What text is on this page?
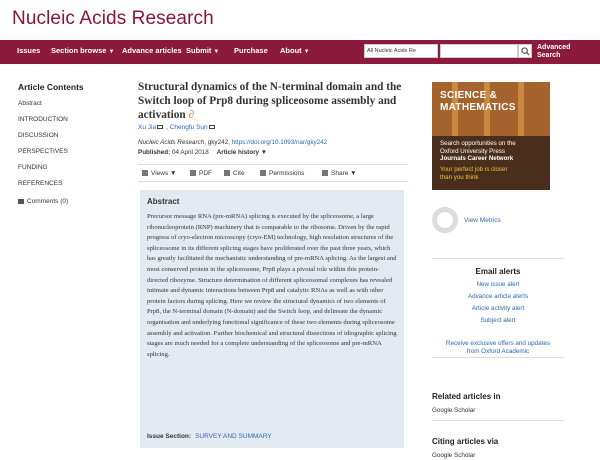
Nucleic Acids Research
Issues Section browse ▼ Advance articles Submit ▼ Purchase About ▼	All Nucleic Acids Re	Advanced
Search
Article Contents
Abstract
INTRODUCTION
DISCUSSION
PERSPECTIVES
FUNDING
REFERENCES
Comments (0)
Structural dynamics of the N-terminal domain and the Switch loop of Prp8 during spliceosome assembly and activation ∂
Xu Jia , Chengfu Sun
Nucleic Acids Research, gky242, https://doi.org/10.1093/nar/gky242
Published: 04 April 2018 Article history ▼
Views ▼	PDF	Cite	Permissions	Share ▼
Abstract
Precursor message RNA (pre-mRNA) splicing is executed by the spliceosome, a large ribonucleoprotein (RNP) machinery that is comparable to the ribosome. Driven by the rapid progress of cryo-electron microscopy (cryo-EM) technology, high resolution structures of the spliceosome in its different splicing stages have proliferated over the past three years, which has greatly facilitated the mechanistic understanding of pre-mRNA splicing. As the largest and most conserved protein in the spliceosome, Prp8 plays a pivotal role within this protein-directed ribozyme. Structure determination of different spliceosomal complexes has revealed intimate and dynamic interactions between Prp8 and catalytic RNAs as well as with other protein factors during splicing. Here we review the structural dynamics of two elements of Prp8, the N-terminal domain (N-domain) and the Switch loop, and delineate the dynamic organisation and underlying functional significance of these two elements during spliceosome assembly and activation. Further biochemical and structural dissections of idiographic splicing stages are much needed for a complete understanding of the spliceosome and pre-mRNA splicing.
Issue Section: SURVEY AND SUMMARY
SCIENCE &
MATHEMATICS
Search opportunities on the
Oxford University Press
Journals Career Network
Your perfect job is closer
than you think
View Metrics
Email alerts
New issue alert
Advance article alerts
Article activity alert
Subject alert
Receive exclusive offers and updates
from Oxford Academic
Related articles in
Google Scholar
Citing articles via
Google Scholar
